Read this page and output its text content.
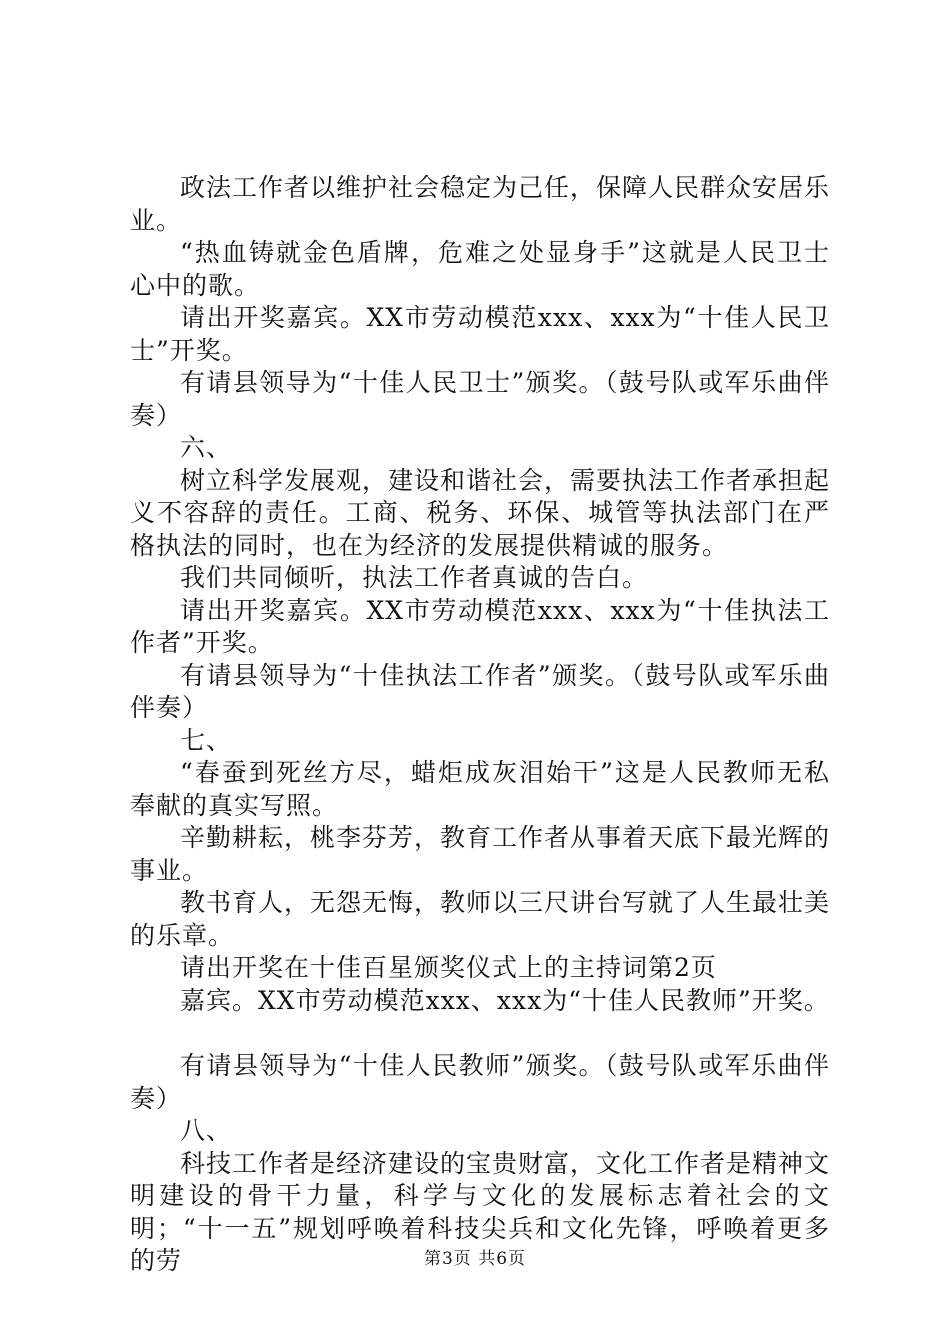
政法工作者以维护社会稳定为己任，保障人民群众安居乐业。

“热血铸就金色盾牌，危难之处显身手”这就是人民卫士心中的歌。

请出开奖嘉宾。XX市劳动模范xxx、xxx为“十佳人民卫士”开奖。

有请县领导为“十佳人民卫士”颁奖。（鼓号队或军乐曲伴奏）

六、

树立科学发展观，建设和谐社会，需要执法工作者承担起义不容辞的责任。工商、税务、环保、城管等执法部门在严格执法的同时，也在为经济的发展提供精诚的服务。

我们共同倾听，执法工作者真诚的告白。

请出开奖嘉宾。XX市劳动模范xxx、xxx为“十佳执法工作者”开奖。

有请县领导为“十佳执法工作者”颁奖。（鼓号队或军乐曲伴奏）

七、

“春蚕到死丝方尽，蜡炬成灰泪始干”这是人民教师无私奉献的真实写照。

辛勤耕耘，桃李芬芳，教育工作者从事着天底下最光辉的事业。

教书育人，无怨无悔，教师以三尺讲台写就了人生最壮美的乐章。

请出开奖在十佳百星颁奖仪式上的主持词第2页

嘉宾。XX市劳动模范xxx、xxx为“十佳人民教师”开奖。

有请县领导为“十佳人民教师”颁奖。（鼓号队或军乐曲伴奏）

八、

科技工作者是经济建设的宝贵财富，文化工作者是精神文明建设的骨干力量，科学与文化的发展标志着社会的文明；“十一五”规划呼唤着科技尖兵和文化先锋，呼唤着更多的劳	第3页 共6页
